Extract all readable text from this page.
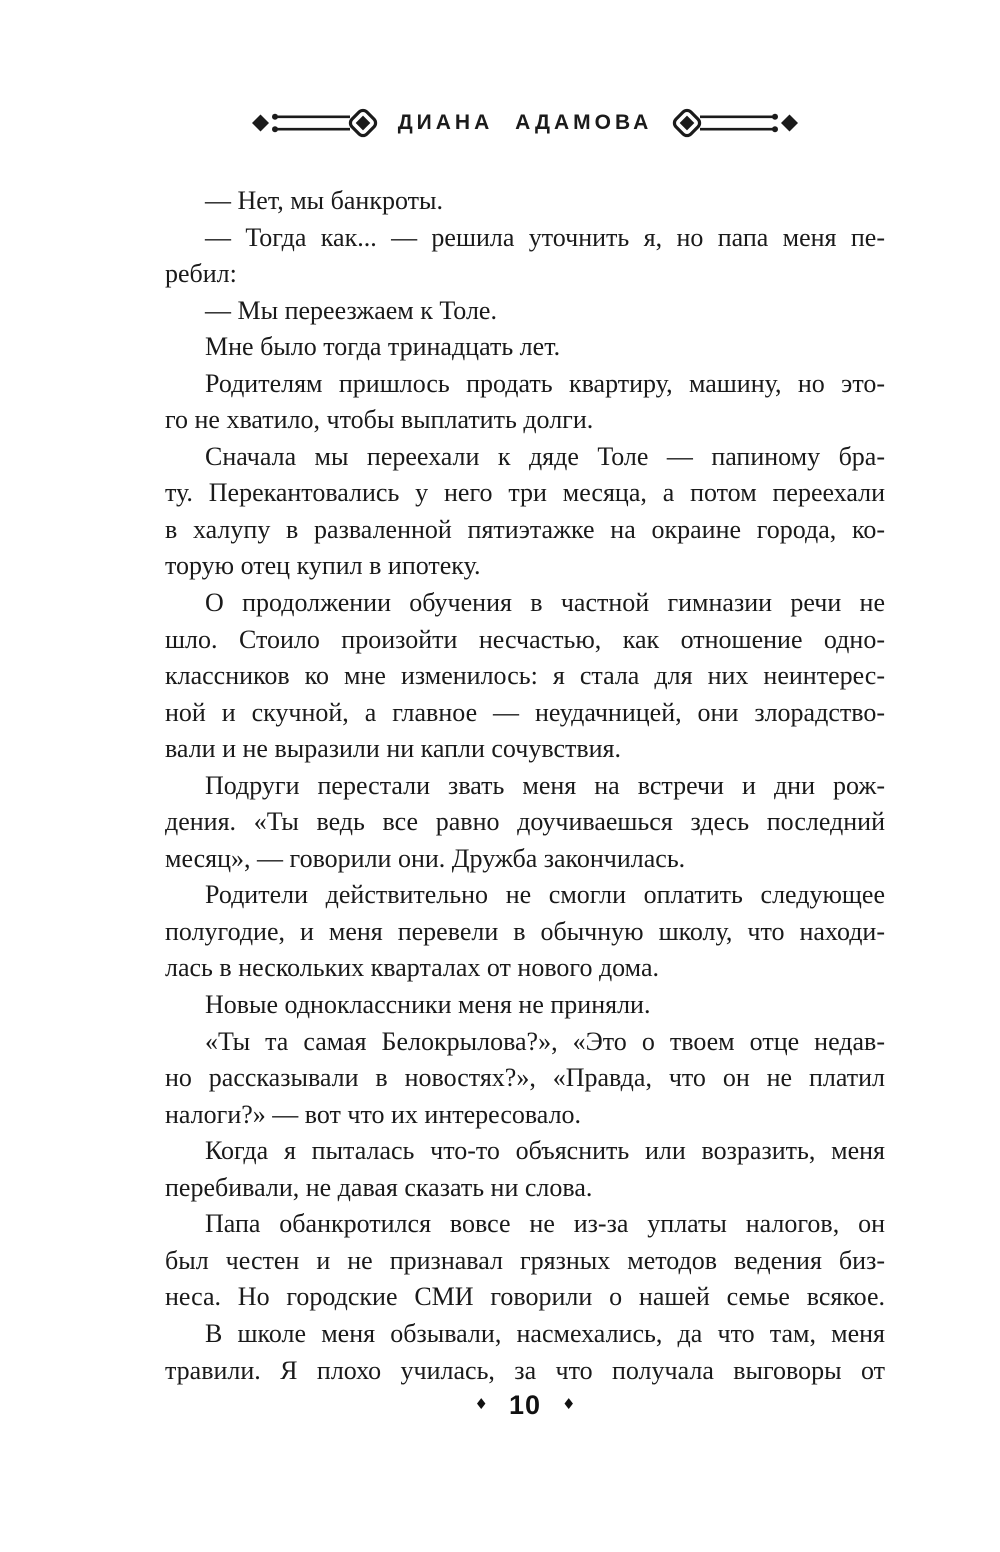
ДИАНА АДАМОВА
— Нет, мы банкроты.
— Тогда как... — решила уточнить я, но папа меня пе-
ребил:
— Мы переезжаем к Толе.
Мне было тогда тринадцать лет.
Родителям пришлось продать квартиру, машину, но это-
го не хватило, чтобы выплатить долги.
Сначала мы переехали к дяде Толе — папиному бра-
ту. Перекантовались у него три месяца, а потом переехали
в халупу в разваленной пятиэтажке на окраине города, ко-
торую отец купил в ипотеку.
О продолжении обучения в частной гимназии речи не
шло. Стоило произойти несчастью, как отношение одно-
классников ко мне изменилось: я стала для них неинтерес-
ной и скучной, а главное — неудачницей, они злорадство-
вали и не выразили ни капли сочувствия.
Подруги перестали звать меня на встречи и дни рож-
дения. «Ты ведь все равно доучиваешься здесь последний
месяц», — говорили они. Дружба закончилась.
Родители действительно не смогли оплатить следующее
полугодие, и меня перевели в обычную школу, что находи-
лась в нескольких кварталах от нового дома.
Новые одноклассники меня не приняли.
«Ты та самая Белокрылова?», «Это о твоем отце недав-
но рассказывали в новостях?», «Правда, что он не платил
налоги?» — вот что их интересовало.
Когда я пыталась что-то объяснить или возразить, меня
перебивали, не давая сказать ни слова.
Папа обанкротился вовсе не из-за уплаты налогов, он
был честен и не признавал грязных методов ведения биз-
неса. Но городские СМИ говорили о нашей семье всякое.
В школе меня обзывали, насмехались, да что там, меня
травили. Я плохо училась, за что получала выговоры от
♦ 10 ♦
